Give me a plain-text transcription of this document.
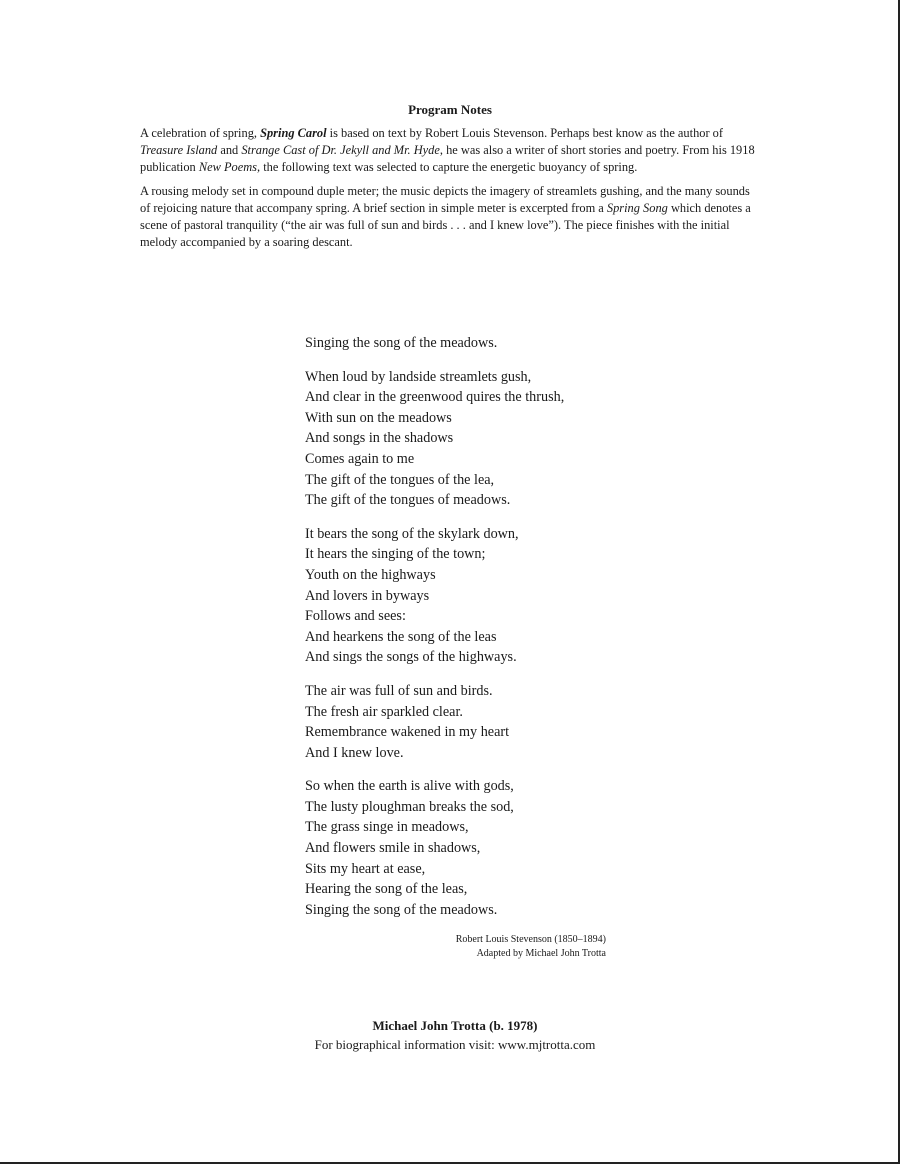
Program Notes

A celebration of spring, Spring Carol is based on text by Robert Louis Stevenson. Perhaps best know as the author of Treasure Island and Strange Cast of Dr. Jekyll and Mr. Hyde, he was also a writer of short stories and poetry. From his 1918 publication New Poems, the following text was selected to capture the energetic buoyancy of spring.

A rousing melody set in compound duple meter; the music depicts the imagery of streamlets gushing, and the many sounds of rejoicing nature that accompany spring. A brief section in simple meter is excerpted from a Spring Song which denotes a scene of pastoral tranquility (“the air was full of sun and birds . . . and I knew love”). The piece finishes with the initial melody accompanied by a soaring descant.

Singing the song of the meadows.
When loud by landside streamlets gush,
And clear in the greenwood quires the thrush,
With sun on the meadows
And songs in the shadows
Comes again to me
The gift of the tongues of the lea,
The gift of the tongues of meadows.
It bears the song of the skylark down,
It hears the singing of the town;
Youth on the highways
And lovers in byways
Follows and sees:
And hearkens the song of the leas
And sings the songs of the highways.
The air was full of sun and birds.
The fresh air sparkled clear.
Remembrance wakened in my heart
And I knew love.
So when the earth is alive with gods,
The lusty ploughman breaks the sod,
The grass singe in meadows,
And flowers smile in shadows,
Sits my heart at ease,
Hearing the song of the leas,
Singing the song of the meadows.
Robert Louis Stevenson (1850–1894)
Adapted by Michael John Trotta
Michael John Trotta (b. 1978)
For biographical information visit: www.mjtrotta.com
